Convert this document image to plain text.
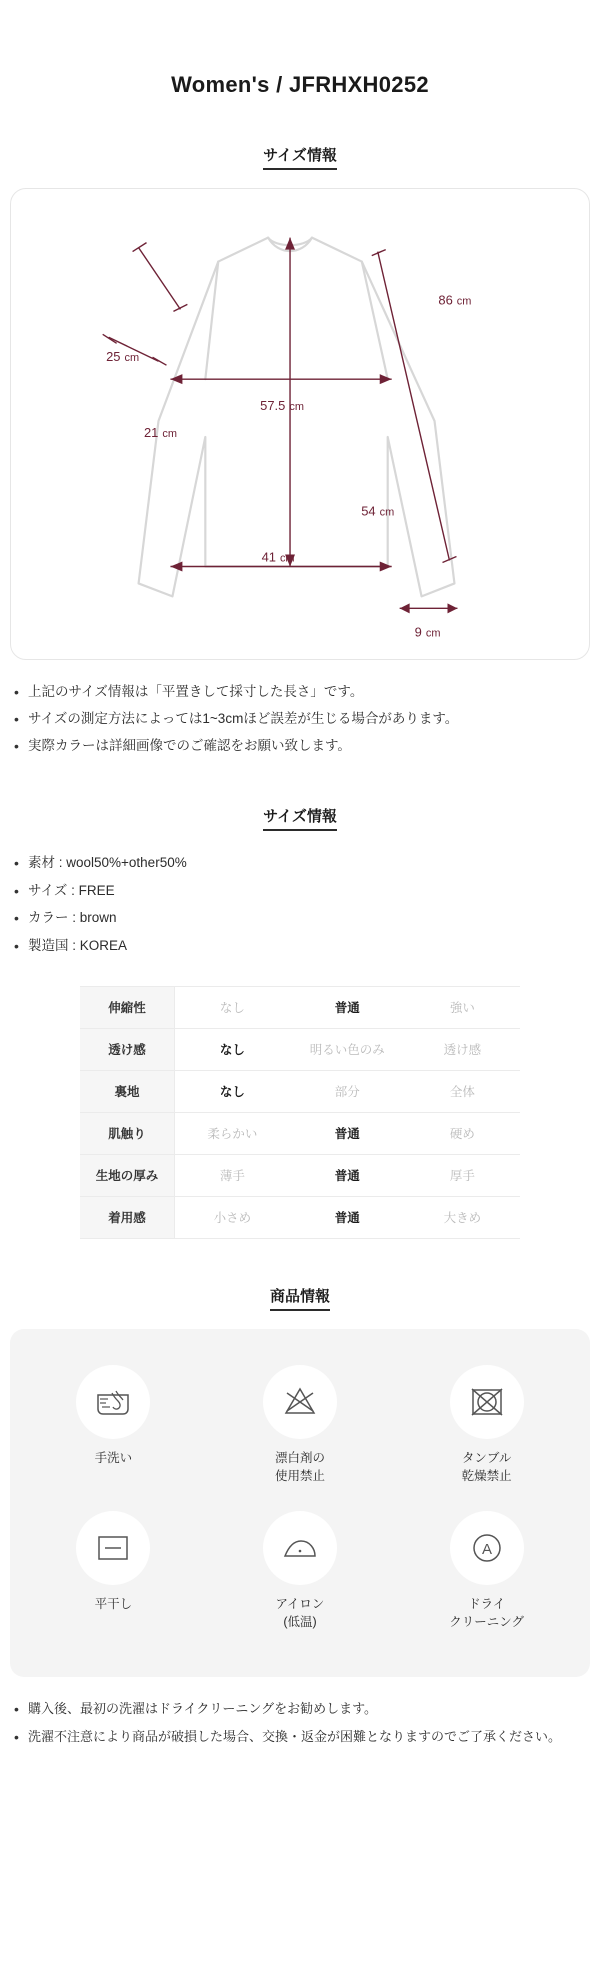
Women's / JFRHXH0252
サイズ情報
86 cm
25 cm
21 cm
57.5 cm
54 cm
41 cm
9 cm
• 上記のサイズ情報は「平置きして採寸した長さ」です。
• サイズの測定方法によっては1~3cmほど誤差が生じる場合があります。
• 実際カラーは詳細画像でのご確認をお願い致します。
サイズ情報
• 素材 : wool50%+other50%
• サイズ : FREE
• カラー : brown
• 製造国 : KOREA
伸縮性	なし	普通	強い
透け感	なし	明るい色のみ	透け感
裏地	なし	部分	全体
肌触り	柔らかい	普通	硬め
生地の厚み	薄手	普通	厚手
着用感	小さめ	普通	大きめ
商品情報
手洗い	漂白剤の
使用禁止
タンブル
乾燥禁止
平干し	アイロン
(低温)
A
ドライ
クリーニング
• 購入後、最初の洗濯はドライクリーニングをお勧めします。
• 洗濯不注意により商品が破損した場合、交換・返金が困難となりますのでご了承ください。
